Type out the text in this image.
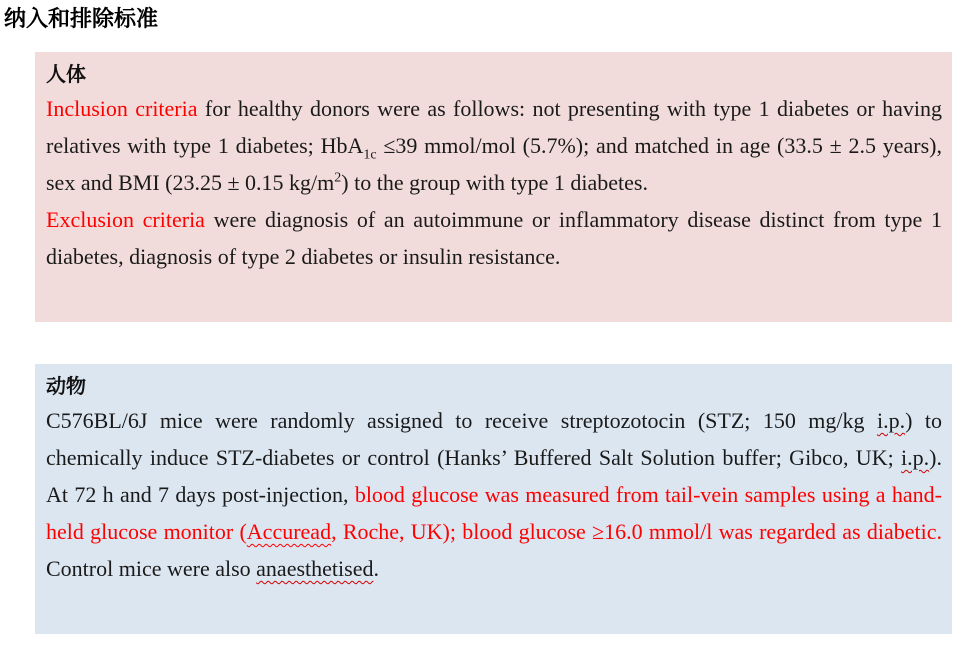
纳入和排除标准
人体

Inclusion criteria for healthy donors were as follows: not presenting with type 1 diabetes or having relatives with type 1 diabetes; HbA$_{1c}$ ≤39 mmol/mol (5.7%); and matched in age (33.5 ± 2.5 years), sex and BMI (23.25 ± 0.15 $kg/m^2$) to the group with type 1 diabetes.
Exclusion criteria were diagnosis of an autoimmune or inflammatory disease distinct from type 1 diabetes, diagnosis of type 2 diabetes or insulin resistance.

动物

C576BL/6J mice were randomly assigned to receive streptozotocin (STZ; 150 mg/kg i.p.) to chemically induce STZ-diabetes or control (Hanks’ Buffered Salt Solution buffer; Gibco, UK; i.p.). At 72 h and 7 days post-injection, blood glucose was measured from tail-vein samples using a hand-held glucose monitor (Accuread, Roche, UK); blood glucose ≥16.0 mmol/l was regarded as diabetic. Control mice were also anaesthetised.
